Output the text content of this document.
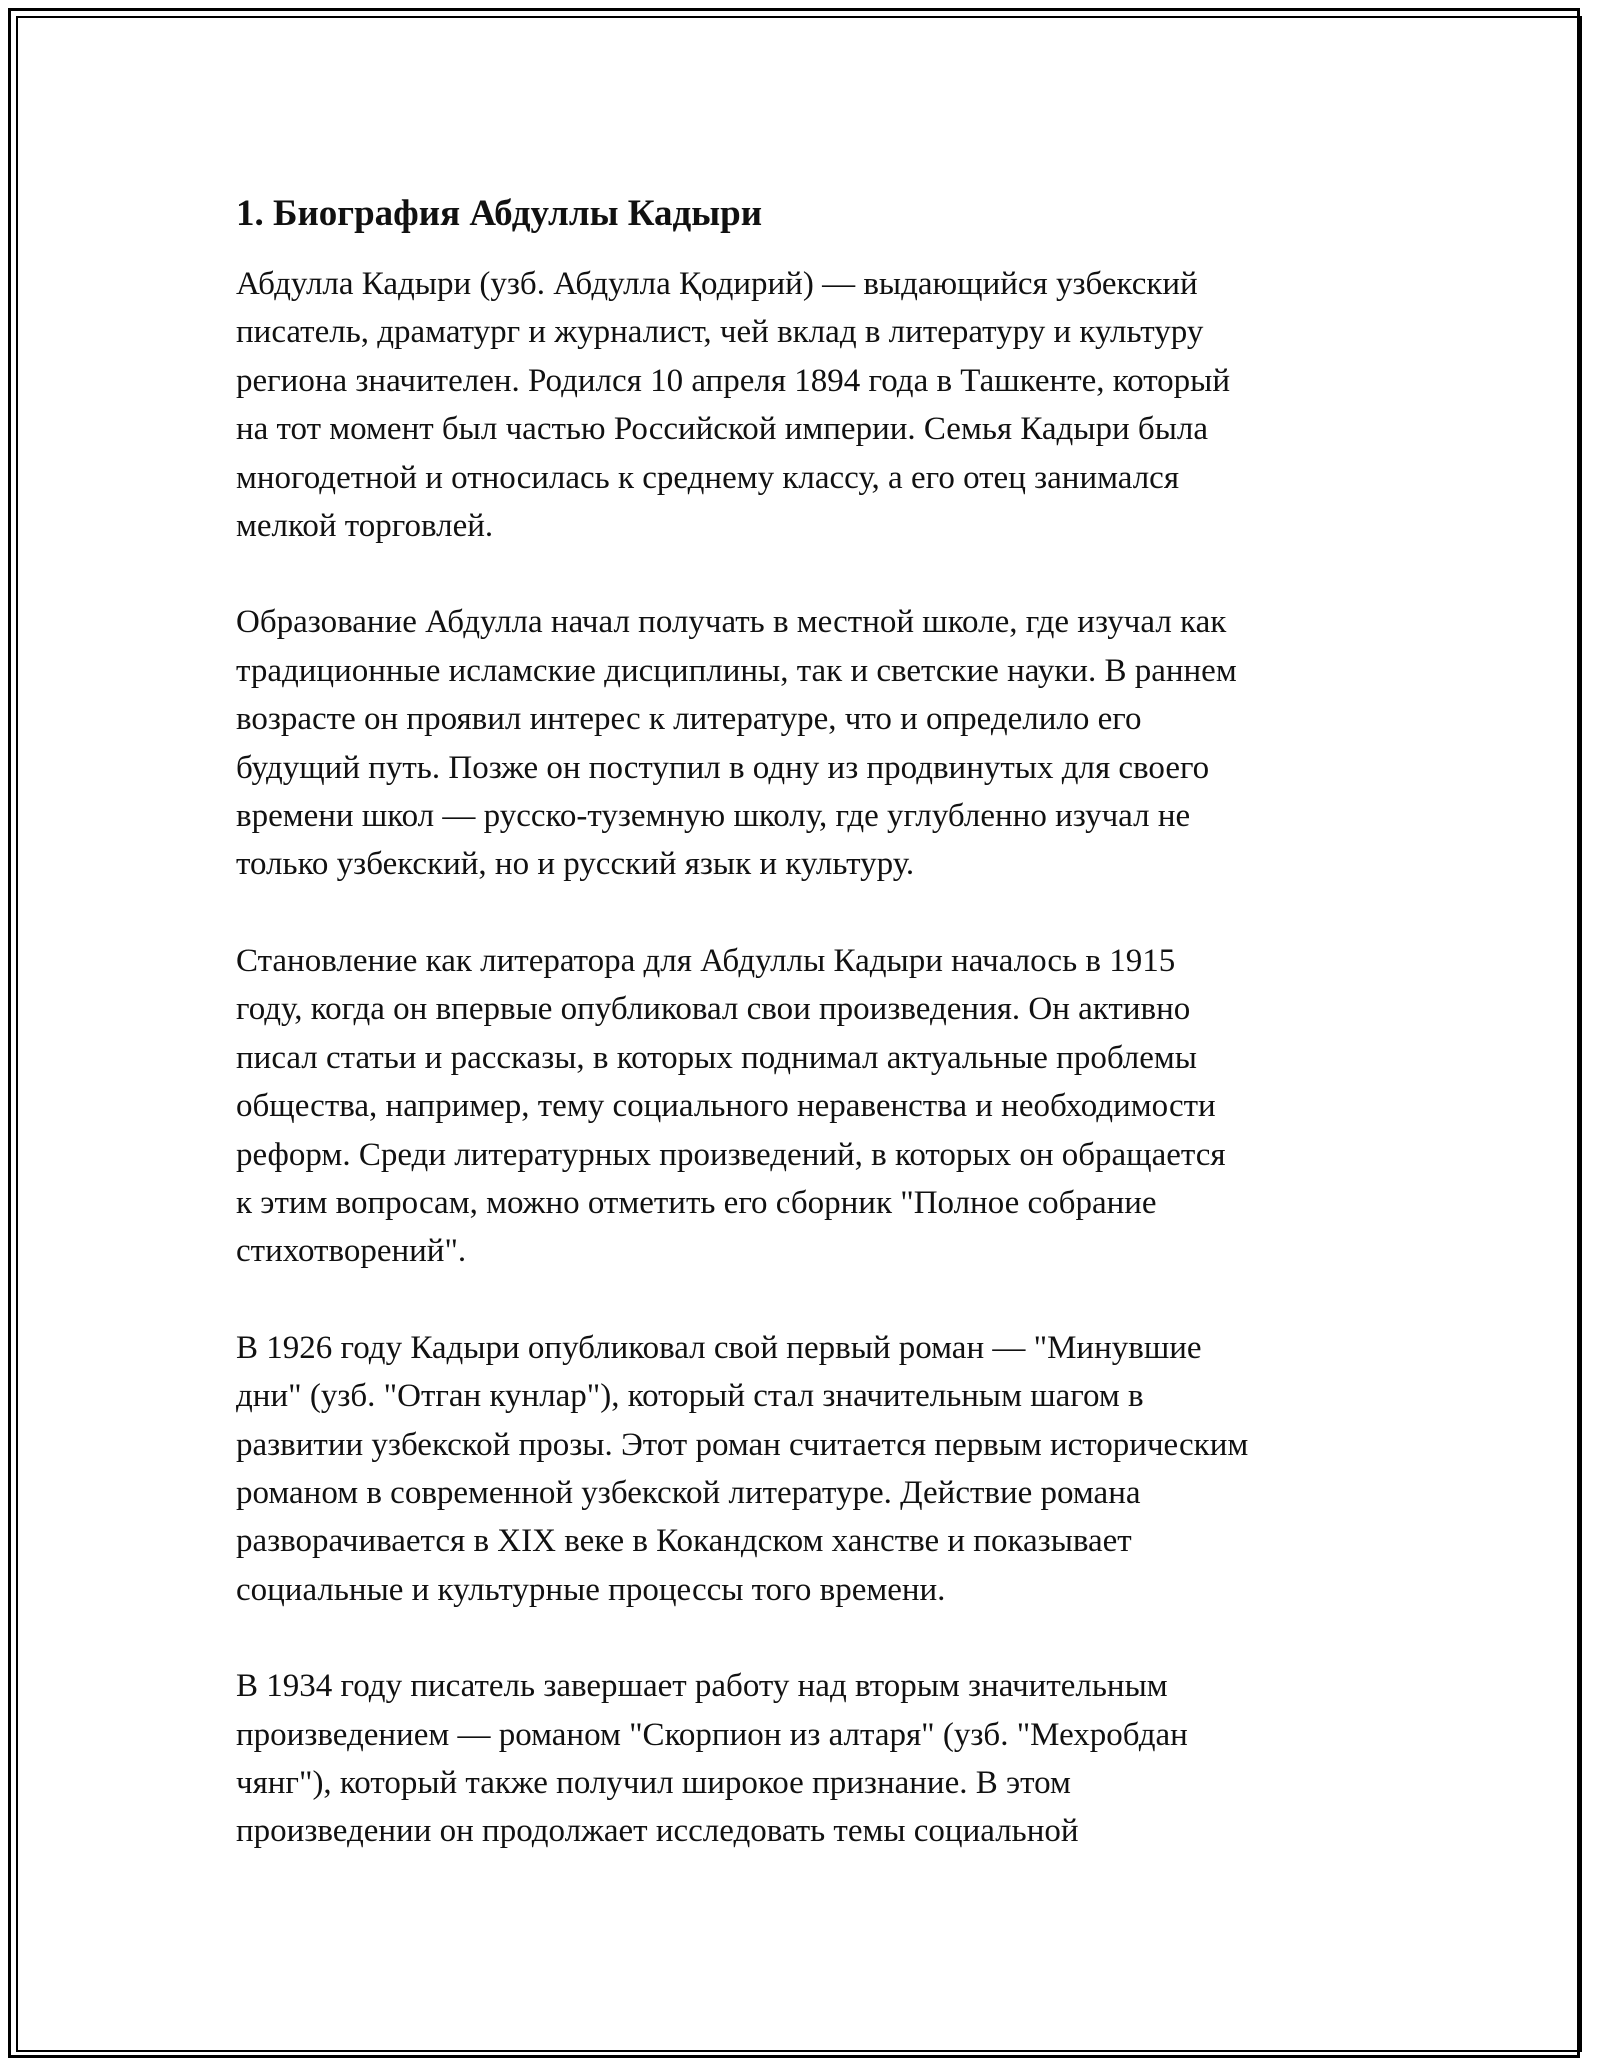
1. Биография Абдуллы Кадыри

Абдулла Кадыри (узб. Абдулла Қодирий) — выдающийся узбекский
писатель, драматург и журналист, чей вклад в литературу и культуру
региона значителен. Родился 10 апреля 1894 года в Ташкенте, который
на тот момент был частью Российской империи. Семья Кадыри была
многодетной и относилась к среднему классу, а его отец занимался
мелкой торговлей.

Образование Абдулла начал получать в местной школе, где изучал как
традиционные исламские дисциплины, так и светские науки. В раннем
возрасте он проявил интерес к литературе, что и определило его
будущий путь. Позже он поступил в одну из продвинутых для своего
времени школ — русско-туземную школу, где углубленно изучал не
только узбекский, но и русский язык и культуру.

Становление как литератора для Абдуллы Кадыри началось в 1915
году, когда он впервые опубликовал свои произведения. Он активно
писал статьи и рассказы, в которых поднимал актуальные проблемы
общества, например, тему социального неравенства и необходимости
реформ. Среди литературных произведений, в которых он обращается
к этим вопросам, можно отметить его сборник "Полное собрание
стихотворений".

В 1926 году Кадыри опубликовал свой первый роман — "Минувшие
дни" (узб. "Отган кунлар"), который стал значительным шагом в
развитии узбекской прозы. Этот роман считается первым историческим
романом в современной узбекской литературе. Действие романа
разворачивается в XIX веке в Кокандском ханстве и показывает
социальные и культурные процессы того времени.

В 1934 году писатель завершает работу над вторым значительным
произведением — романом "Скорпион из алтаря" (узб. "Мехробдан
чянг"), который также получил широкое признание. В этом
произведении он продолжает исследовать темы социальной
